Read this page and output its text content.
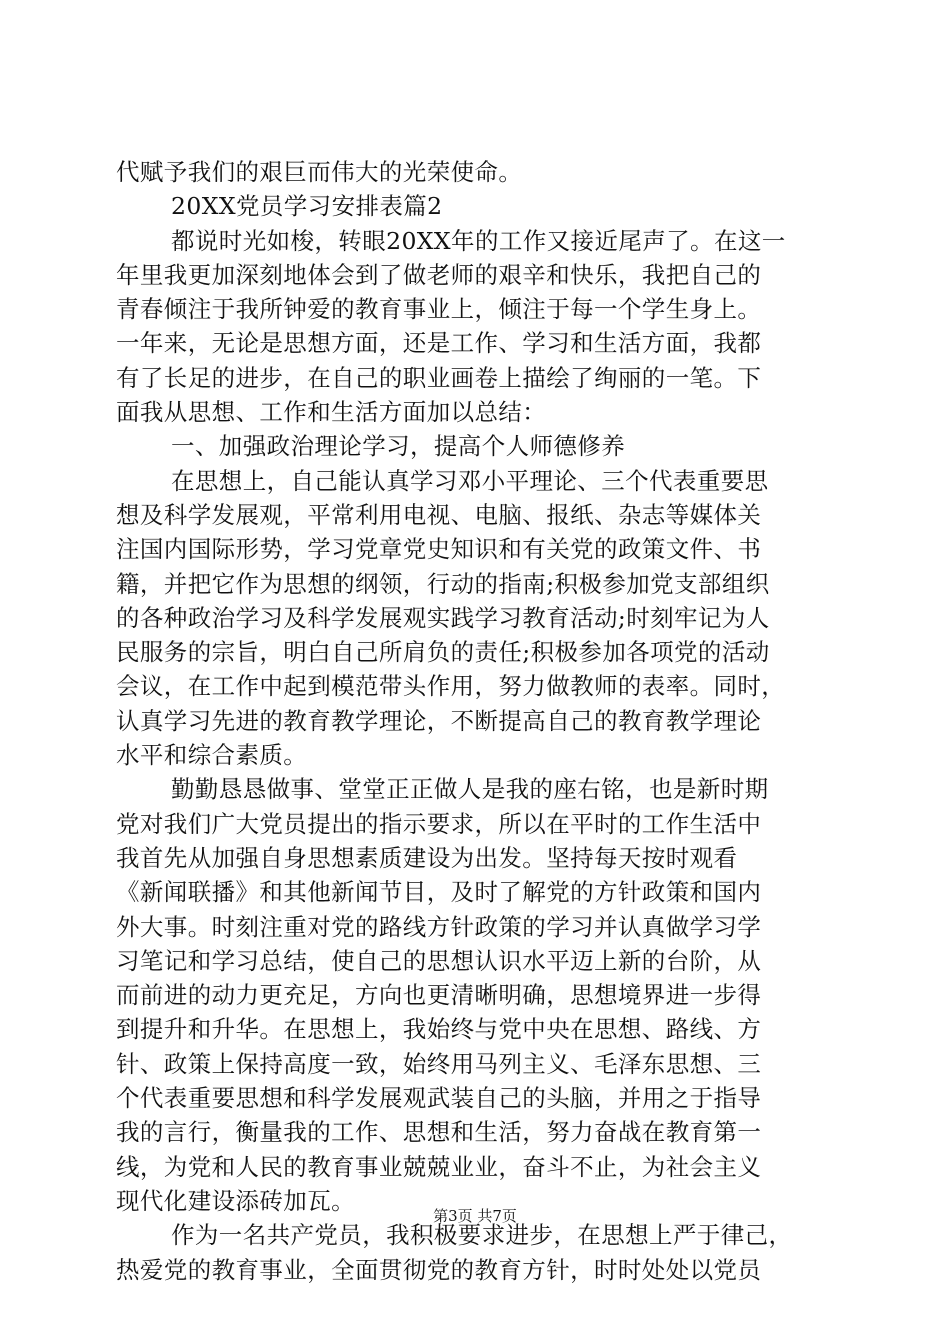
代赋予我们的艰巨而伟大的光荣使命。
20XX党员学习安排表篇2
都说时光如梭，转眼20XX年的工作又接近尾声了。在这一
年里我更加深刻地体会到了做老师的艰辛和快乐，我把自己的
青春倾注于我所钟爱的教育事业上，倾注于每一个学生身上。
一年来，无论是思想方面，还是工作、学习和生活方面，我都
有了长足的进步，在自己的职业画卷上描绘了绚丽的一笔。下
面我从思想、工作和生活方面加以总结：
一、加强政治理论学习，提高个人师德修养
在思想上，自己能认真学习邓小平理论、三个代表重要思
想及科学发展观，平常利用电视、电脑、报纸、杂志等媒体关
注国内国际形势，学习党章党史知识和有关党的政策文件、书
籍，并把它作为思想的纲领，行动的指南;积极参加党支部组织
的各种政治学习及科学发展观实践学习教育活动;时刻牢记为人
民服务的宗旨，明白自己所肩负的责任;积极参加各项党的活动
会议，在工作中起到模范带头作用，努力做教师的表率。同时，
认真学习先进的教育教学理论，不断提高自己的教育教学理论
水平和综合素质。
勤勤恳恳做事、堂堂正正做人是我的座右铭，也是新时期
党对我们广大党员提出的指示要求，所以在平时的工作生活中
我首先从加强自身思想素质建设为出发。坚持每天按时观看
《新闻联播》和其他新闻节目，及时了解党的方针政策和国内
外大事。时刻注重对党的路线方针政策的学习并认真做学习学
习笔记和学习总结，使自己的思想认识水平迈上新的台阶，从
而前进的动力更充足，方向也更清晰明确，思想境界进一步得
到提升和升华。在思想上，我始终与党中央在思想、路线、方
针、政策上保持高度一致，始终用马列主义、毛泽东思想、三
个代表重要思想和科学发展观武装自己的头脑，并用之于指导
我的言行，衡量我的工作、思想和生活，努力奋战在教育第一
线，为党和人民的教育事业兢兢业业，奋斗不止，为社会主义
现代化建设添砖加瓦。
作为一名共产党员，我积极要求进步，在思想上严于律己，
热爱党的教育事业，全面贯彻党的教育方针，时时处处以党员
第3页 共7页
